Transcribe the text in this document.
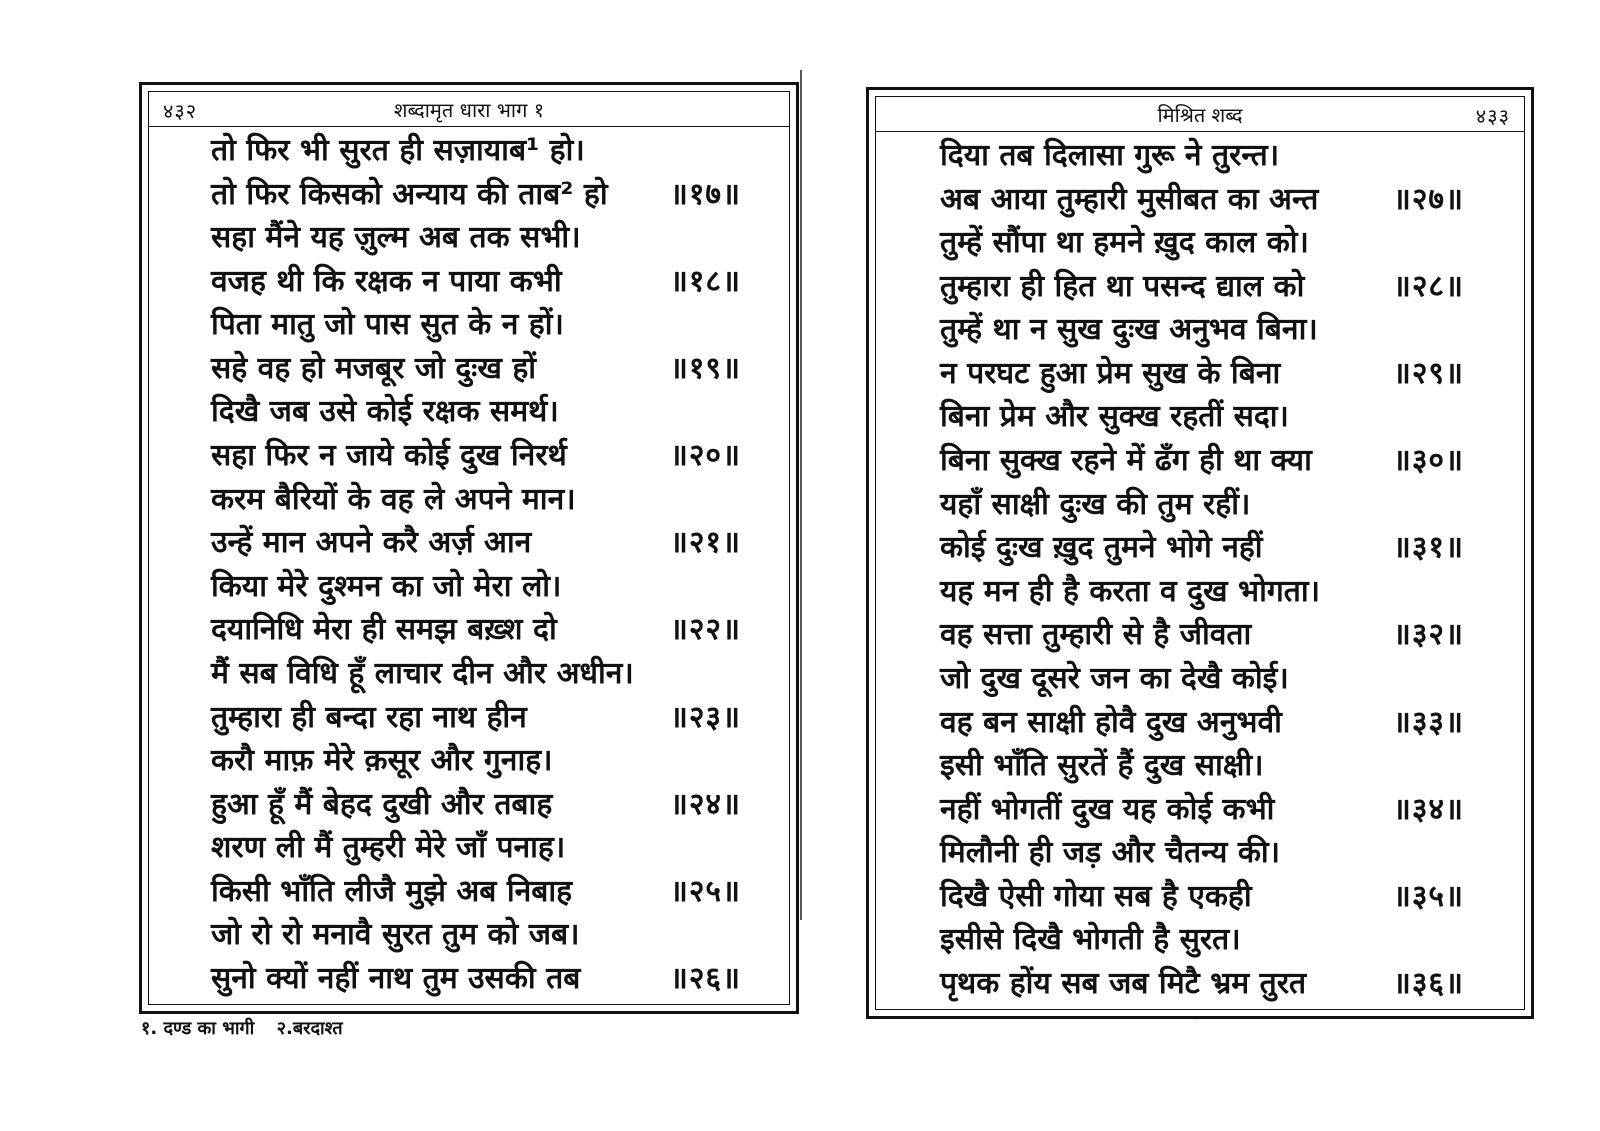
४३२	शब्दामृत धारा भाग १
तो फिर भी सुरत ही सज़ायाब¹ हो।
तो फिर किसको अन्याय की ताब² हो ॥१७॥
सहा मैंने यह ज़ुल्म अब तक सभी।
वजह थी कि रक्षक न पाया कभी	॥१८॥
पिता मातु जो पास सुत के न हों।
सहे वह हो मजबूर जो दुःख हों	॥१९॥
दिखै जब उसे कोई रक्षक समर्थ।
सहा फिर न जाये कोई दुख निरर्थ	॥२०॥
करम बैरियों के वह ले अपने मान।
उन्हें मान अपने करै अर्ज़ आन	॥२१॥
किया मेरे दुश्मन का जो मेरा लो।
दयानिधि मेरा ही समझ बख़्श दो	॥२२॥
मैं सब विधि हूँ लाचार दीन और अधीन।
तुम्हारा ही बन्दा रहा नाथ हीन	॥२३॥
करौ माफ़ मेरे क़सूर और गुनाह।
हुआ हूँ मैं बेहद दुखी और तबाह	॥२४॥
शरण ली मैं तुम्हरी मेरे जाँ पनाह।
किसी भाँति लीजै मुझे अब निबाह	॥२५॥
जो रो रो मनावै सुरत तुम को जब।
सुनो क्यों नहीं नाथ तुम उसकी तब	॥२६॥
मिश्रित शब्द	४३३
दिया तब दिलासा गुरू ने तुरन्त।
अब आया तुम्हारी मुसीबत का अन्त ॥२७॥
तुम्हें सौंपा था हमने ख़ुद काल को।
तुम्हारा ही हित था पसन्द द्याल को	॥२८॥
तुम्हें था न सुख दुःख अनुभव बिना।
न परघट हुआ प्रेम सुख के बिना	॥२९॥
बिना प्रेम और सुक्ख रहतीं सदा।
बिना सुक्ख रहने में ढँग ही था क्या	॥३०॥
यहाँ साक्षी दुःख की तुम रहीं।
कोई दुःख ख़ुद तुमने भोगे नहीं	॥३१॥
यह मन ही है करता व दुख भोगता।
वह सत्ता तुम्हारी से है जीवता	॥३२॥
जो दुख दूसरे जन का देखै कोई।
वह बन साक्षी होवै दुख अनुभवी	॥३३॥
इसी भाँति सुरतें हैं दुख साक्षी।
नहीं भोगतीं दुख यह कोई कभी	॥३४॥
मिलौनी ही जड़ और चैतन्य की।
दिखै ऐसी गोया सब है एकही	॥३५॥
इसीसे दिखै भोगती है सुरत।
पृथक होंय सब जब मिटै भ्रम तुरत	॥३६॥
१. दण्ड का भागी २.बरदाश्त
